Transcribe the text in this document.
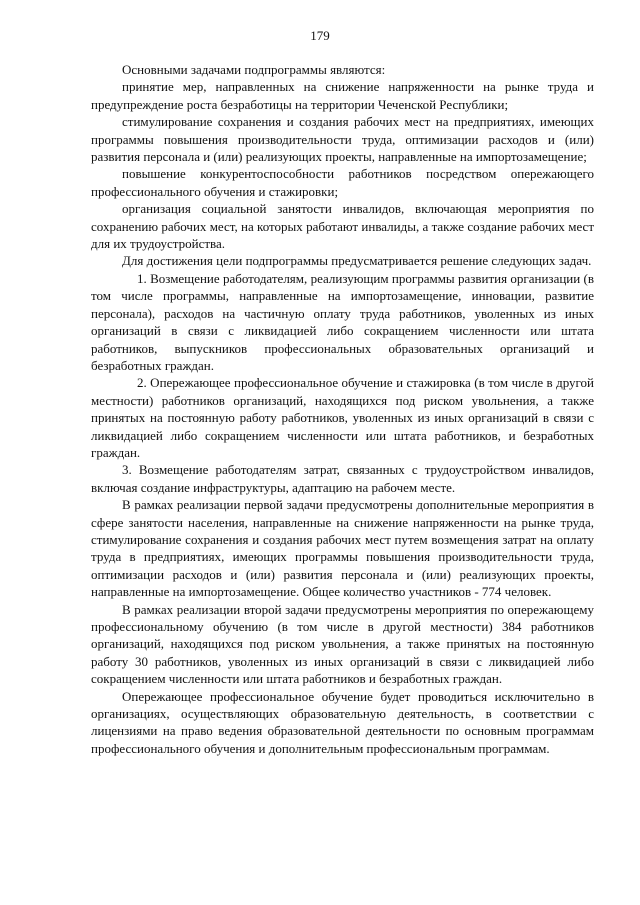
179

Основными задачами подпрограммы являются:

принятие мер, направленных на снижение напряженности на рынке труда и предупреждение роста безработицы на территории Чеченской Республики;

стимулирование сохранения и создания рабочих мест на предприятиях, имеющих программы повышения производительности труда, оптимизации расходов и (или) развития персонала и (или) реализующих проекты, направленные на импортозамещение;

повышение конкурентоспособности работников посредством опережающего профессионального обучения и стажировки;

организация социальной занятости инвалидов, включающая мероприятия по сохранению рабочих мест, на которых работают инвалиды, а также создание рабочих мест для их трудоустройства.

Для достижения цели подпрограммы предусматривается решение следующих задач.

1. Возмещение работодателям, реализующим программы развития организации (в том числе программы, направленные на импортозамещение, инновации, развитие персонала), расходов на частичную оплату труда работников, уволенных из иных организаций в связи с ликвидацией либо сокращением численности или штата работников, выпускников профессиональных образовательных организаций и безработных граждан.

2. Опережающее профессиональное обучение и стажировка (в том числе в другой местности) работников организаций, находящихся под риском увольнения, а также принятых на постоянную работу работников, уволенных из иных организаций в связи с ликвидацией либо сокращением численности или штата работников, и безработных граждан.

3. Возмещение работодателям затрат, связанных с трудоустройством инвалидов, включая создание инфраструктуры, адаптацию на рабочем месте.

В рамках реализации первой задачи предусмотрены дополнительные мероприятия в сфере занятости населения, направленные на снижение напряженности на рынке труда, стимулирование сохранения и создания рабочих мест путем возмещения затрат на оплату труда в предприятиях, имеющих программы повышения производительности труда, оптимизации расходов и (или) развития персонала и (или) реализующих проекты, направленные на импортозамещение. Общее количество участников - 774 человек.

В рамках реализации второй задачи предусмотрены мероприятия по опережающему профессиональному обучению (в том числе в другой местности) 384 работников организаций, находящихся под риском увольнения, а также принятых на постоянную работу 30 работников, уволенных из иных организаций в связи с ликвидацией либо сокращением численности или штата работников и безработных граждан.

Опережающее профессиональное обучение будет проводиться исключительно в организациях, осуществляющих образовательную деятельность, в соответствии с лицензиями на право ведения образовательной деятельности по основным программам профессионального обучения и дополнительным профессиональным программам.
